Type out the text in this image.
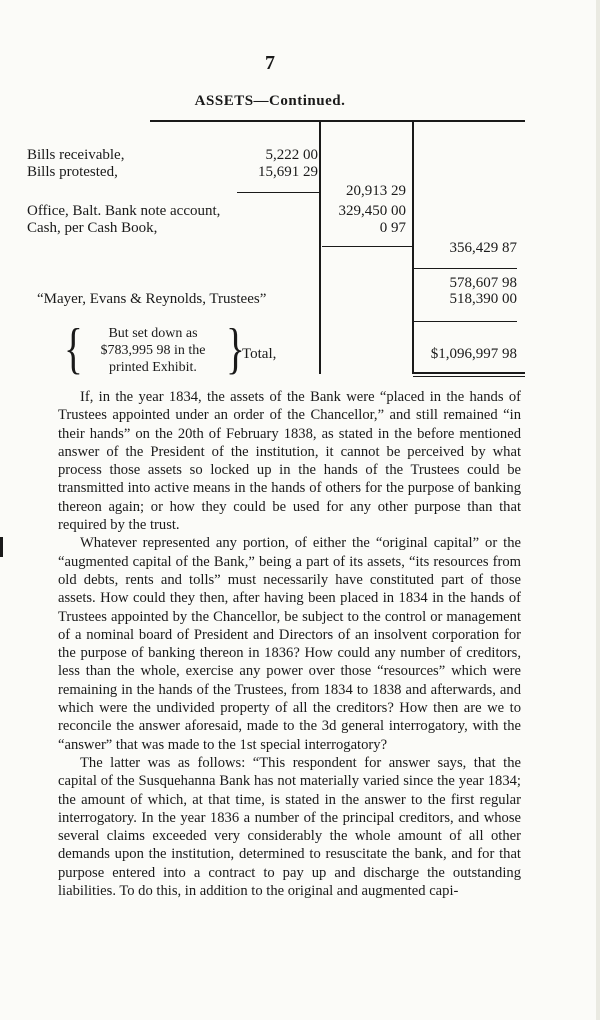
7
ASSETS—Continued.
Bills receivable,	5,222 00
Bills protested,	15,691 29
20,913 29
Office, Balt. Bank note account,	329,450 00
Cash, per Cash Book,	0 97
356,429 87
578,607 98
“Mayer, Evans & Reynolds, Trustees”	518,390 00
{	But set down as
$783,995 98 in the
printed Exhibit. }
Total,	$1,096,997 98

If, in the year 1834, the assets of the Bank were “placed in the hands of Trustees appointed under an order of the Chancellor,” and still remained “in their hands” on the 20th of February 1838, as stated in the before mentioned answer of the President of the institution, it cannot be perceived by what process those assets so locked up in the hands of the Trustees could be transmitted into active means in the hands of others for the purpose of banking thereon again; or how they could be used for any other purpose than that required by the trust.

Whatever represented any portion, of either the “original capital” or the “augmented capital of the Bank,” being a part of its assets, “its resources from old debts, rents and tolls” must necessarily have constituted part of those assets. How could they then, after having been placed in 1834 in the hands of Trustees appointed by the Chancellor, be subject to the control or management of a nominal board of President and Directors of an insolvent corporation for the purpose of banking thereon in 1836? How could any number of creditors, less than the whole, exercise any power over those “resources” which were remaining in the hands of the Trustees, from 1834 to 1838 and afterwards, and which were the undivided property of all the creditors? How then are we to reconcile the answer aforesaid, made to the 3d general interrogatory, with the “answer” that was made to the 1st special interrogatory?

The latter was as follows: “This respondent for answer says, that the capital of the Susquehanna Bank has not materially varied since the year 1834; the amount of which, at that time, is stated in the answer to the first regular interrogatory. In the year 1836 a number of the principal creditors, and whose several claims exceeded very considerably the whole amount of all other demands upon the institution, determined to resuscitate the bank, and for that purpose entered into a contract to pay up and discharge the outstanding liabilities. To do this, in addition to the original and augmented capi-
